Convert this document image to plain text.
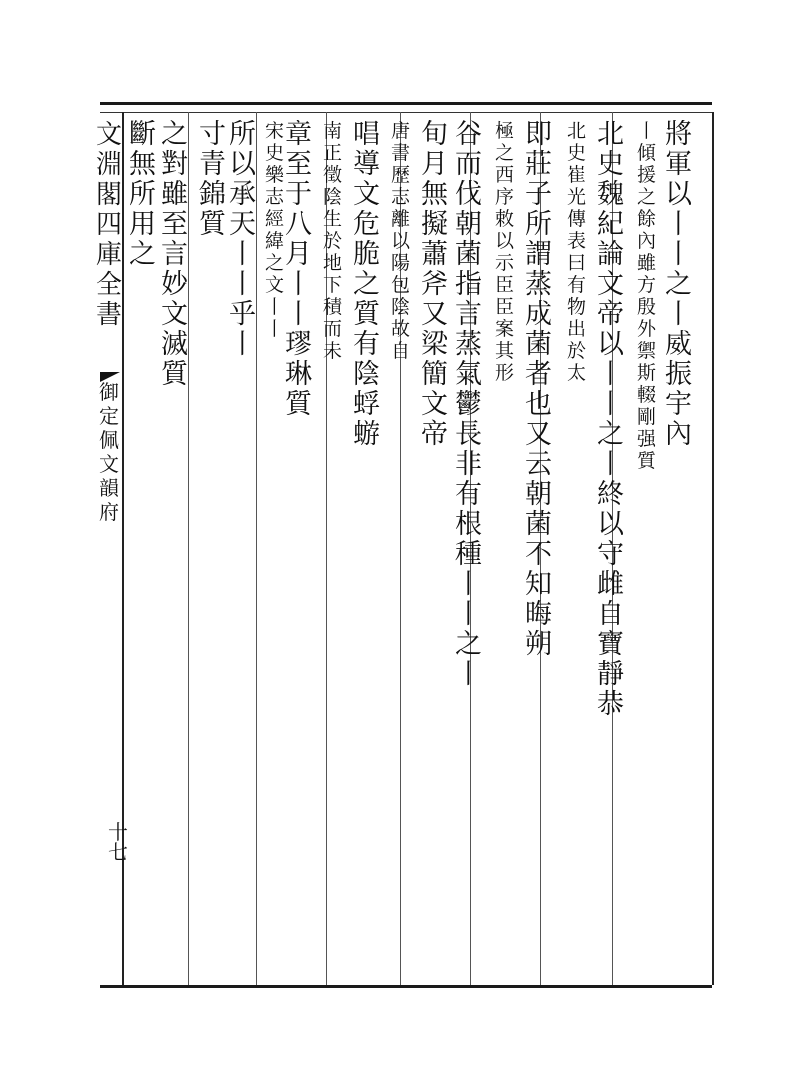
文淵閣四庫全書
御定佩文韻府
十七
將軍以丨丨之 丨威振宇內
丨傾援之餘內雖方殷外禦斯輟剛强質
北史魏紀論文帝以丨丨之丨終以守雌自寶靜恭
北史崔光傳表曰有物出於太
即莊子所謂蒸成菌者也又云朝菌不知晦朔
極之西序敕以示臣臣案其形
谷而伐朝菌指言蒸氣鬱長非有根種丨丨之丨
旬月無擬蕭斧又梁簡文帝
唐書歷志離以陽包陰故自
唱導文危脆之質有陰蜉蝣
南正徵陰生於地下積而未
章至于八月丨丨璆琳質
宋史樂志經緯之文丨丨
所以承天丨丨乎丨
寸青錦質
之對雖至言妙文滅質
斷無所用之
